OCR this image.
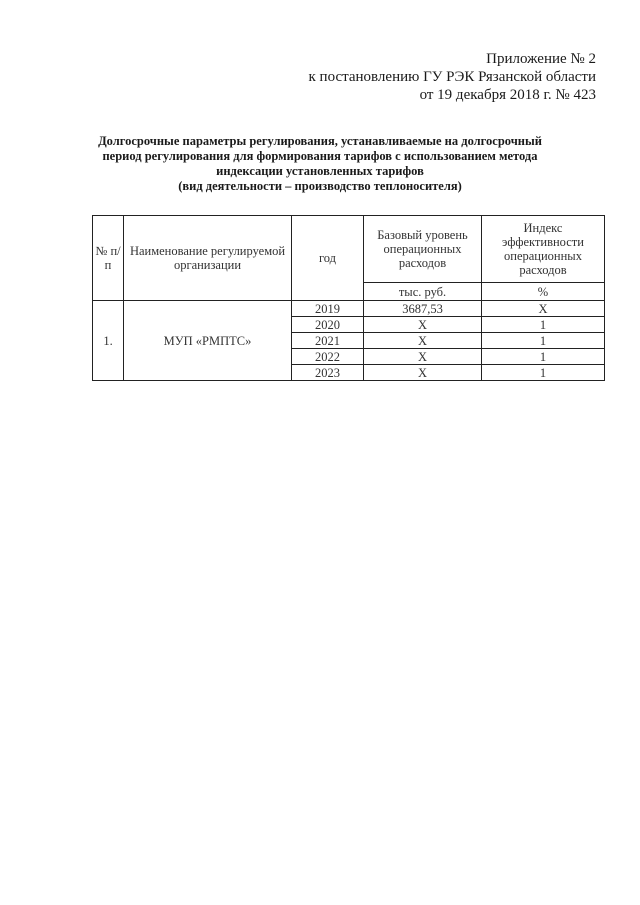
Приложение № 2
к постановлению ГУ РЭК Рязанской области
от 19 декабря 2018 г. № 423
Долгосрочные параметры регулирования, устанавливаемые на долгосрочный
период регулирования для формирования тарифов с использованием метода
индексации установленных тарифов
(вид деятельности – производство теплоносителя)
№ п/п	Наименование регулируемой организации	год	Базовый уровень операционных расходов	Индекс эффективности операционных расходов
			тыс. руб.	%
1.	МУП «РМПТС»	2019	3687,53	Х
		2020	Х	1
		2021	Х	1
		2022	Х	1
		2023	Х	1
